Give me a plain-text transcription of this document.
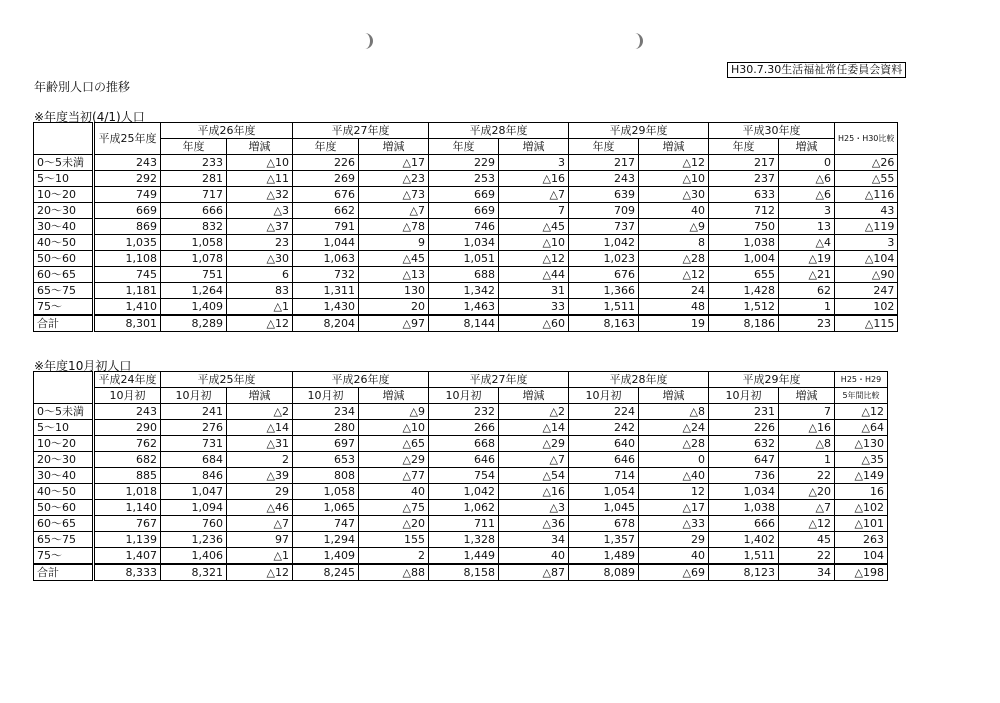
H30.7.30生活福祉常任委員会資料
年齢別人口の推移
※年度当初(4/1)人口
	平成25年度	平成26年度		平成27年度		平成28年度		平成29年度		平成30年度		H25・H30比較
		年度	増減	年度	増減	年度	増減	年度	増減	年度	増減	
0～5未満	243	233	△10	226	△17	229	3	217	△12	217	0	△26
5～10	292	281	△11	269	△23	253	△16	243	△10	237	△6	△55
10～20	749	717	△32	676	△73	669	△7	639	△30	633	△6	△116
20～30	669	666	△3	662	△7	669	7	709	40	712	3	43
30～40	869	832	△37	791	△78	746	△45	737	△9	750	13	△119
40～50	1,035	1,058	23	1,044	9	1,034	△10	1,042	8	1,038	△4	3
50～60	1,108	1,078	△30	1,063	△45	1,051	△12	1,023	△28	1,004	△19	△104
60～65	745	751	6	732	△13	688	△44	676	△12	655	△21	△90
65～75	1,181	1,264	83	1,311	130	1,342	31	1,366	24	1,428	62	247
75～	1,410	1,409	△1	1,430	20	1,463	33	1,511	48	1,512	1	102
合計	8,301	8,289	△12	8,204	△97	8,144	△60	8,163	19	8,186	23	△115
※年度10月初人口
	平成24年度	平成25年度		平成26年度		平成27年度		平成28年度		平成29年度		H25・H29
	10月初	10月初	増減	10月初	増減	10月初	増減	10月初	増減	10月初	増減	5年間比較
0～5未満	243	241	△2	234	△9	232	△2	224	△8	231	7	△12
5～10	290	276	△14	280	△10	266	△14	242	△24	226	△16	△64
10～20	762	731	△31	697	△65	668	△29	640	△28	632	△8	△130
20～30	682	684	2	653	△29	646	△7	646	0	647	1	△35
30～40	885	846	△39	808	△77	754	△54	714	△40	736	22	△149
40～50	1,018	1,047	29	1,058	40	1,042	△16	1,054	12	1,034	△20	16
50～60	1,140	1,094	△46	1,065	△75	1,062	△3	1,045	△17	1,038	△7	△102
60～65	767	760	△7	747	△20	711	△36	678	△33	666	△12	△101
65～75	1,139	1,236	97	1,294	155	1,328	34	1,357	29	1,402	45	263
75～	1,407	1,406	△1	1,409	2	1,449	40	1,489	40	1,511	22	104
合計	8,333	8,321	△12	8,245	△88	8,158	△87	8,089	△69	8,123	34	△198
